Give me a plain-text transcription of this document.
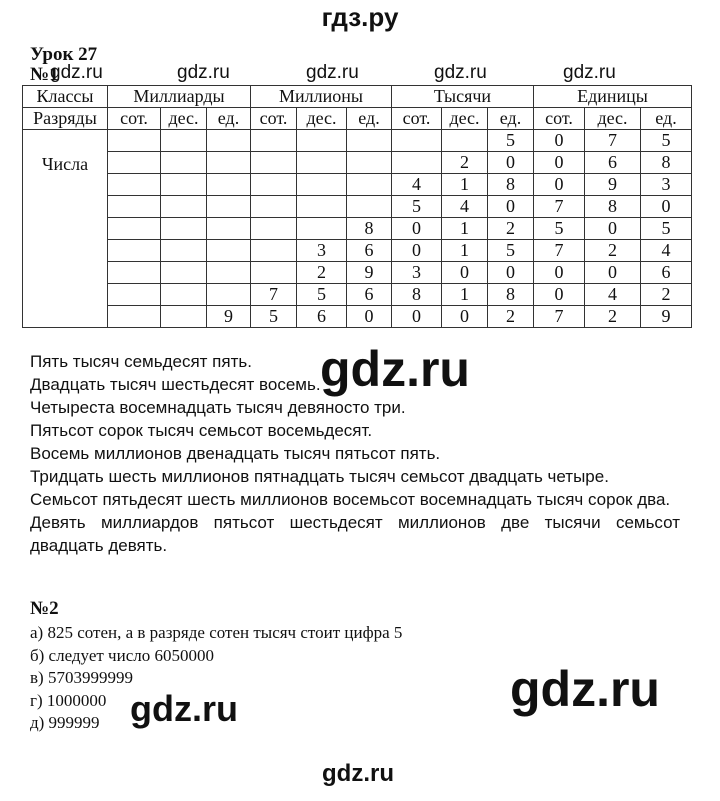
гдз.ру
Урок 27
№1
gdz.ru	gdz.ru	gdz.ru	gdz.ru	gdz.ru
Классы	Миллиарды			Миллионы			Тысячи			Единицы		
Разряды	сот.	дес.	ед.	сот.	дес.	ед.	сот.	дес.	ед.	сот.	дес.	ед.
Числа									5	0	7	5
								2	0	0	6	8
							4	1	8	0	9	3
							5	4	0	7	8	0
						8	0	1	2	5	0	5
					3	6	0	1	5	7	2	4
					2	9	3	0	0	0	0	6
				7	5	6	8	1	8	0	4	2
			9	5	6	0	0	0	2	7	2	9
Пять тысяч семьдесят пять.
Двадцать тысяч шестьдесят восемь.
Четыреста восемнадцать тысяч девяносто три.
Пятьсот сорок тысяч семьсот восемьдесят.
Восемь миллионов двенадцать тысяч пятьсот пять.
Тридцать шесть миллионов пятнадцать тысяч семьсот двадцать четыре.
Семьсот пятьдесят шесть миллионов восемьсот восемнадцать тысяч сорок два.
Девять миллиардов пятьсот шестьдесят миллионов две тысячи семьсот двадцать девять.
gdz.ru
№2
а) 825 сотен, а в разряде сотен тысяч стоит цифра 5
б) следует число 6050000
в) 5703999999
г) 1000000
д) 999999
gdz.ru
gdz.ru
gdz.ru
